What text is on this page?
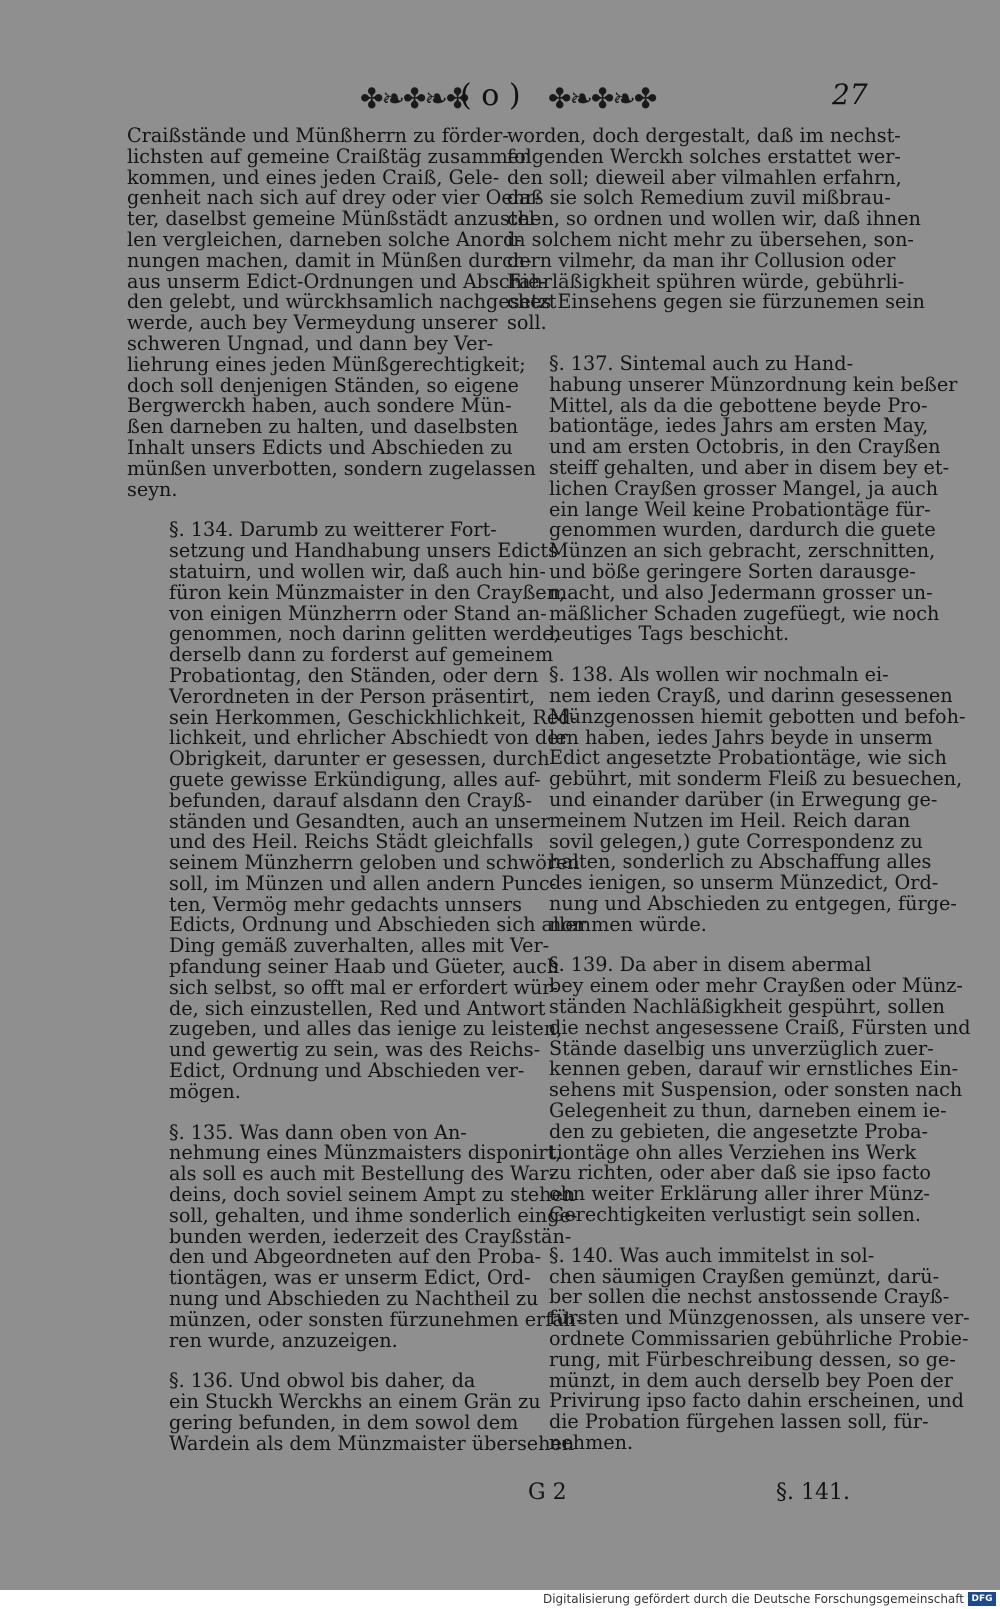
✤❧✤❧✤
( o ) ✤❧✤❧✤	27

Craißstände und Münßherrn zu förder-
lichsten auf gemeine Craißtäg zusammen
kommen, und eines jeden Craiß, Gele-
genheit nach sich auf drey oder vier Oehr-
ter, daselbst gemeine Münßstädt anzustel-
len vergleichen, darneben solche Anord-
nungen machen, damit in Münßen durch-
aus unserm Edict-Ordnungen und Abschie-
den gelebt, und würckhsamlich nachgesetzt
werde, auch bey Vermeydung unserer
schweren Ungnad, und dann bey Ver-
liehrung eines jeden Münßgerechtigkeit;
doch soll denjenigen Ständen, so eigene
Bergwerckh haben, auch sondere Mün-
ßen darneben zu halten, und daselbsten
Inhalt unsers Edicts und Abschieden zu
münßen unverbotten, sondern zugelassen
seyn.

§. 134. Darumb zu weitterer Fort-
setzung und Handhabung unsers Edicts
statuirn, und wollen wir, daß auch hin-
füron kein Münzmaister in den Crayßen,
von einigen Münzherrn oder Stand an-
genommen, noch darinn gelitten werde,
derselb dann zu forderst auf gemeinem
Probationtag, den Ständen, oder dern
Verordneten in der Person präsentirt,
sein Herkommen, Geschickhlichkeit, Red-
lichkeit, und ehrlicher Abschiedt von der
Obrigkeit, darunter er gesessen, durch
guete gewisse Erkündigung, alles auf-
befunden, darauf alsdann den Crayß-
ständen und Gesandten, auch an unser
und des Heil. Reichs Städt gleichfalls
seinem Münzherrn geloben und schwören
soll, im Münzen und allen andern Punc-
ten, Vermög mehr gedachts unnsers
Edicts, Ordnung und Abschieden sich aller
Ding gemäß zuverhalten, alles mit Ver-
pfandung seiner Haab und Güeter, auch
sich selbst, so offt mal er erfordert wür-
de, sich einzustellen, Red und Antwort
zugeben, und alles das ienige zu leisten,
und gewertig zu sein, was des Reichs-
Edict, Ordnung und Abschieden ver-
mögen.

§. 135. Was dann oben von An-
nehmung eines Münzmaisters disponirt,
als soll es auch mit Bestellung des War-
deins, doch soviel seinem Ampt zu stehen
soll, gehalten, und ihme sonderlich einge-
bunden werden, iederzeit des Crayßstän-
den und Abgeordneten auf den Proba-
tiontägen, was er unserm Edict, Ord-
nung und Abschieden zu Nachtheil zu
münzen, oder sonsten fürzunehmen erfah-
ren wurde, anzuzeigen.

§. 136. Und obwol bis daher, da
ein Stuckh Werckhs an einem Grän zu
gering befunden, in dem sowol dem
Wardein als dem Münzmaister übersehen

worden, doch dergestalt, daß im nechst-
folgenden Werckh solches erstattet wer-
den soll; dieweil aber vilmahlen erfahrn,
daß sie solch Remedium zuvil mißbrau-
chen, so ordnen und wollen wir, daß ihnen
in solchem nicht mehr zu übersehen, son-
dern vilmehr, da man ihr Collusion oder
Fahrläßigkheit spühren würde, gebührli-
ches Einsehens gegen sie fürzunemen sein
soll.

§. 137. Sintemal auch zu Hand-
habung unserer Münzordnung kein beßer
Mittel, als da die gebottene beyde Pro-
bationtäge, iedes Jahrs am ersten May,
und am ersten Octobris, in den Crayßen
steiff gehalten, und aber in disem bey et-
lichen Crayßen grosser Mangel, ja auch
ein lange Weil keine Probationtäge für-
genommen wurden, dardurch die guete
Münzen an sich gebracht, zerschnitten,
und böße geringere Sorten darausge-
macht, und also Jedermann grosser un-
mäßlicher Schaden zugefüegt, wie noch
heutiges Tags beschicht.

§. 138. Als wollen wir nochmaln ei-
nem ieden Crayß, und darinn gesessenen
Münzgenossen hiemit gebotten und befoh-
len haben, iedes Jahrs beyde in unserm
Edict angesetzte Probationtäge, wie sich
gebührt, mit sonderm Fleiß zu besuechen,
und einander darüber (in Erwegung ge-
meinem Nutzen im Heil. Reich daran
sovil gelegen,) gute Correspondenz zu
halten, sonderlich zu Abschaffung alles
des ienigen, so unserm Münzedict, Ord-
nung und Abschieden zu entgegen, fürge-
nommen würde.

§. 139. Da aber in disem abermal
bey einem oder mehr Crayßen oder Münz-
ständen Nachläßigkheit gespührt, sollen
die nechst angesessene Craiß, Fürsten und
Stände daselbig uns unverzüglich zuer-
kennen geben, darauf wir ernstliches Ein-
sehens mit Suspension, oder sonsten nach
Gelegenheit zu thun, darneben einem ie-
den zu gebieten, die angesetzte Proba-
tiontäge ohn alles Verziehen ins Werk
zu richten, oder aber daß sie ipso facto
ohn weiter Erklärung aller ihrer Münz-
Gerechtigkeiten verlustigt sein sollen.

§. 140. Was auch immitelst in sol-
chen säumigen Crayßen gemünzt, darü-
ber sollen die nechst anstossende Crayß-
fürsten und Münzgenossen, als unsere ver-
ordnete Commissarien gebührliche Probie-
rung, mit Fürbeschreibung dessen, so ge-
münzt, in dem auch derselb bey Poen der
Privirung ipso facto dahin erscheinen, und
die Probation fürgehen lassen soll, für-
nehmen.

G 2	§. 141.
Digitalisierung gefördert durch die Deutsche Forschungsgemeinschaft DFG
